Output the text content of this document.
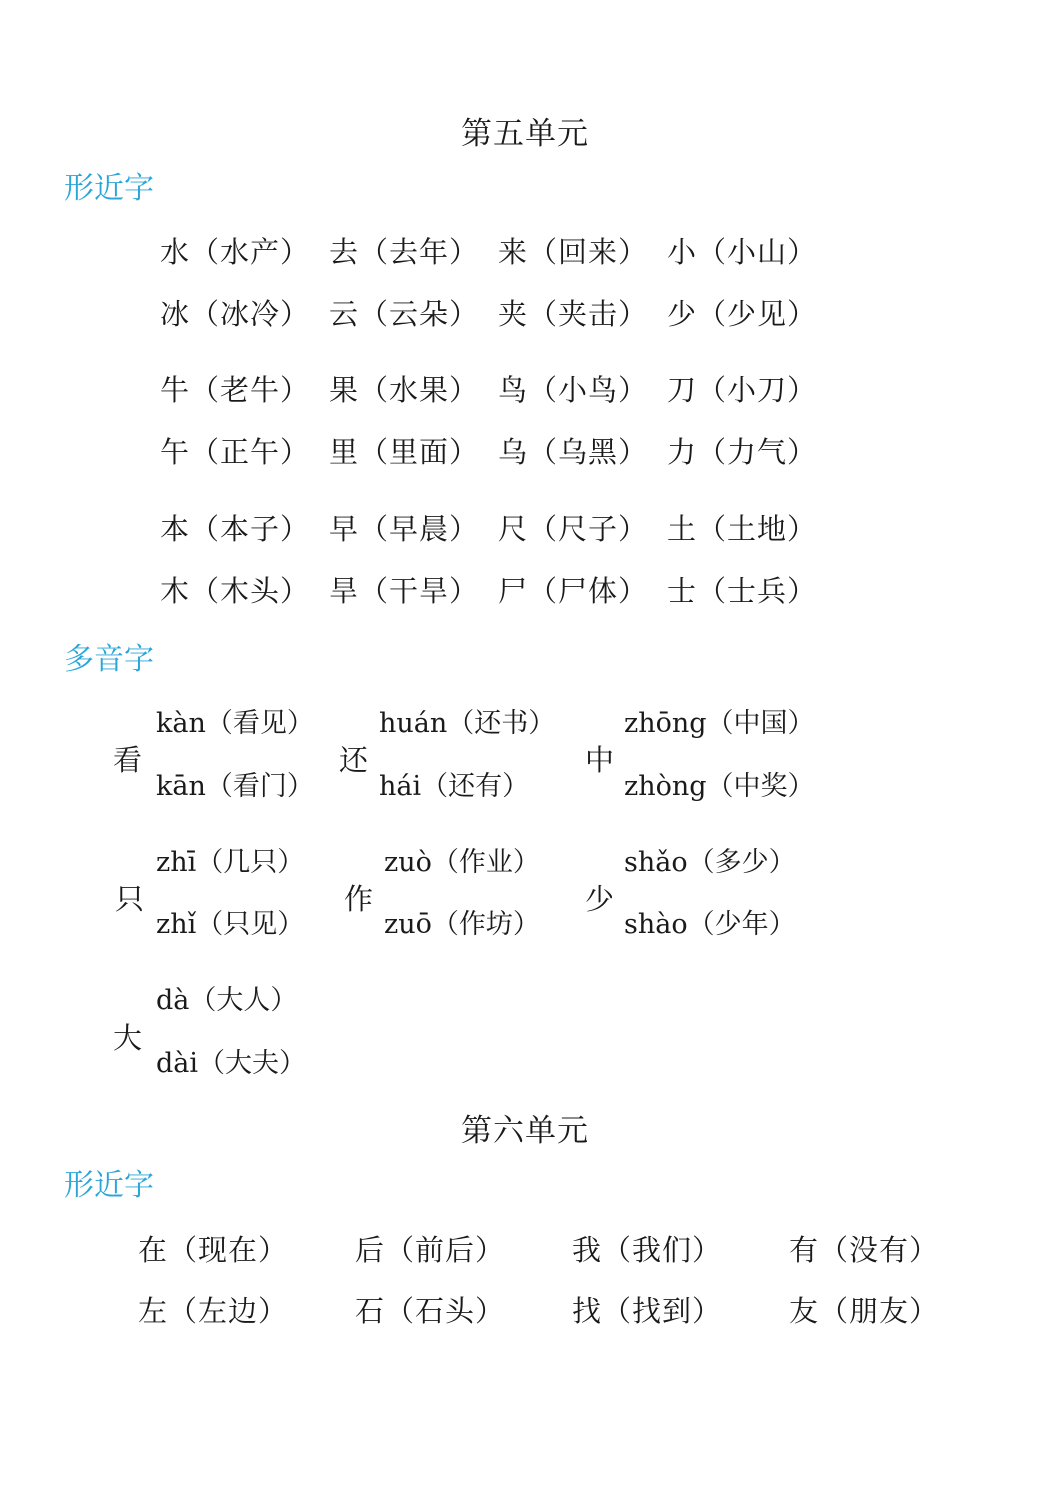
第五单元
形近字
水（水产） 去（去年） 来（回来） 小（小山）
冰（冰冷） 云（云朵） 夹（夹击） 少（少见）
牛（老牛） 果（水果） 鸟（小鸟） 刀（小刀）
午（正午） 里（里面） 乌（乌黑） 力（力气）
本（本子） 早（早晨） 尺（尺子） 土（土地）
木（木头） 旱（干旱） 尸（尸体） 士（士兵）
多音字
看
kàn（看见）
kān（看门）
还
huán（还书）
hái（还有）
中
zhōng（中国）
zhòng（中奖）
只
zhī（几只）
zhǐ（只见）
作
zuò（作业）
zuō（作坊）
少
shǎo（多少）
shào（少年）
大
dà（大人）
dài（大夫）
第六单元
形近字
在（现在） 后（前后） 我（我们） 有（没有）
左（左边） 石（石头） 找（找到） 友（朋友）
